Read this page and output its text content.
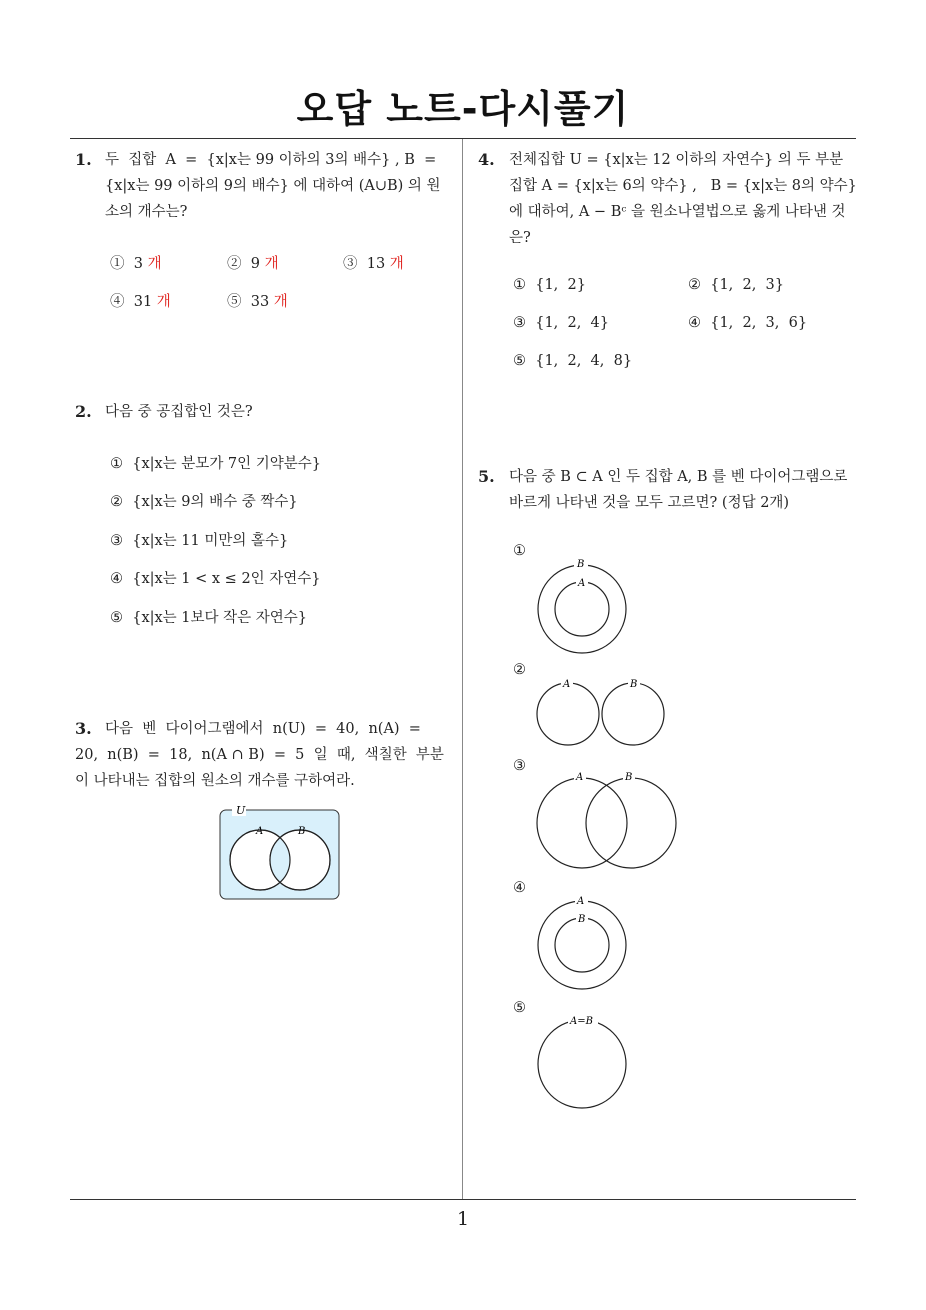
오답 노트-다시풀기
1
1. 두  집합  A  =  {x|x는 99 이하의 3의 배수} , B  =
{x|x는 99 이하의 9의 배수} 에 대하여 (A∪B) 의 원
소의 개수는?
① 3 개	② 9 개	③ 13 개
④ 31 개	⑤ 33 개
2. 다음 중 공집합인 것은?
① {x|x는 분모가 7인 기약분수}
② {x|x는 9의 배수 중 짝수}
③ {x|x는 11 미만의 홀수}
④ {x|x는 1 < x ≤ 2인 자연수}
⑤ {x|x는 1보다 작은 자연수}
3. 다음  벤  다이어그램에서  n(U)  =  40,  n(A)  =
20,  n(B)  =  18,  n(A ∩ B)  =  5  일  때,  색칠한  부분
이 나타내는 집합의 원소의 개수를 구하여라.
U
A	B
4. 전체집합 U = {x|x는 12 이하의 자연수} 의 두 부분
집합 A = {x|x는 6의 약수} ,   B = {x|x는 8의 약수}
에 대하여, A − Bᶜ 을 원소나열법으로 옳게 나타낸 것
은?
① {1,  2}	② {1,  2,  3}
③ {1,  2,  4}	④ {1,  2,  3,  6}
⑤ {1,  2,  4,  8}
5. 다음 중 B ⊂ A 인 두 집합 A, B 를 벤 다이어그램으로
바르게 나타낸 것을 모두 고르면? (정답 2개)
①
B
A
②
A	B
③
A	B
④
A
B
⑤
A=B
